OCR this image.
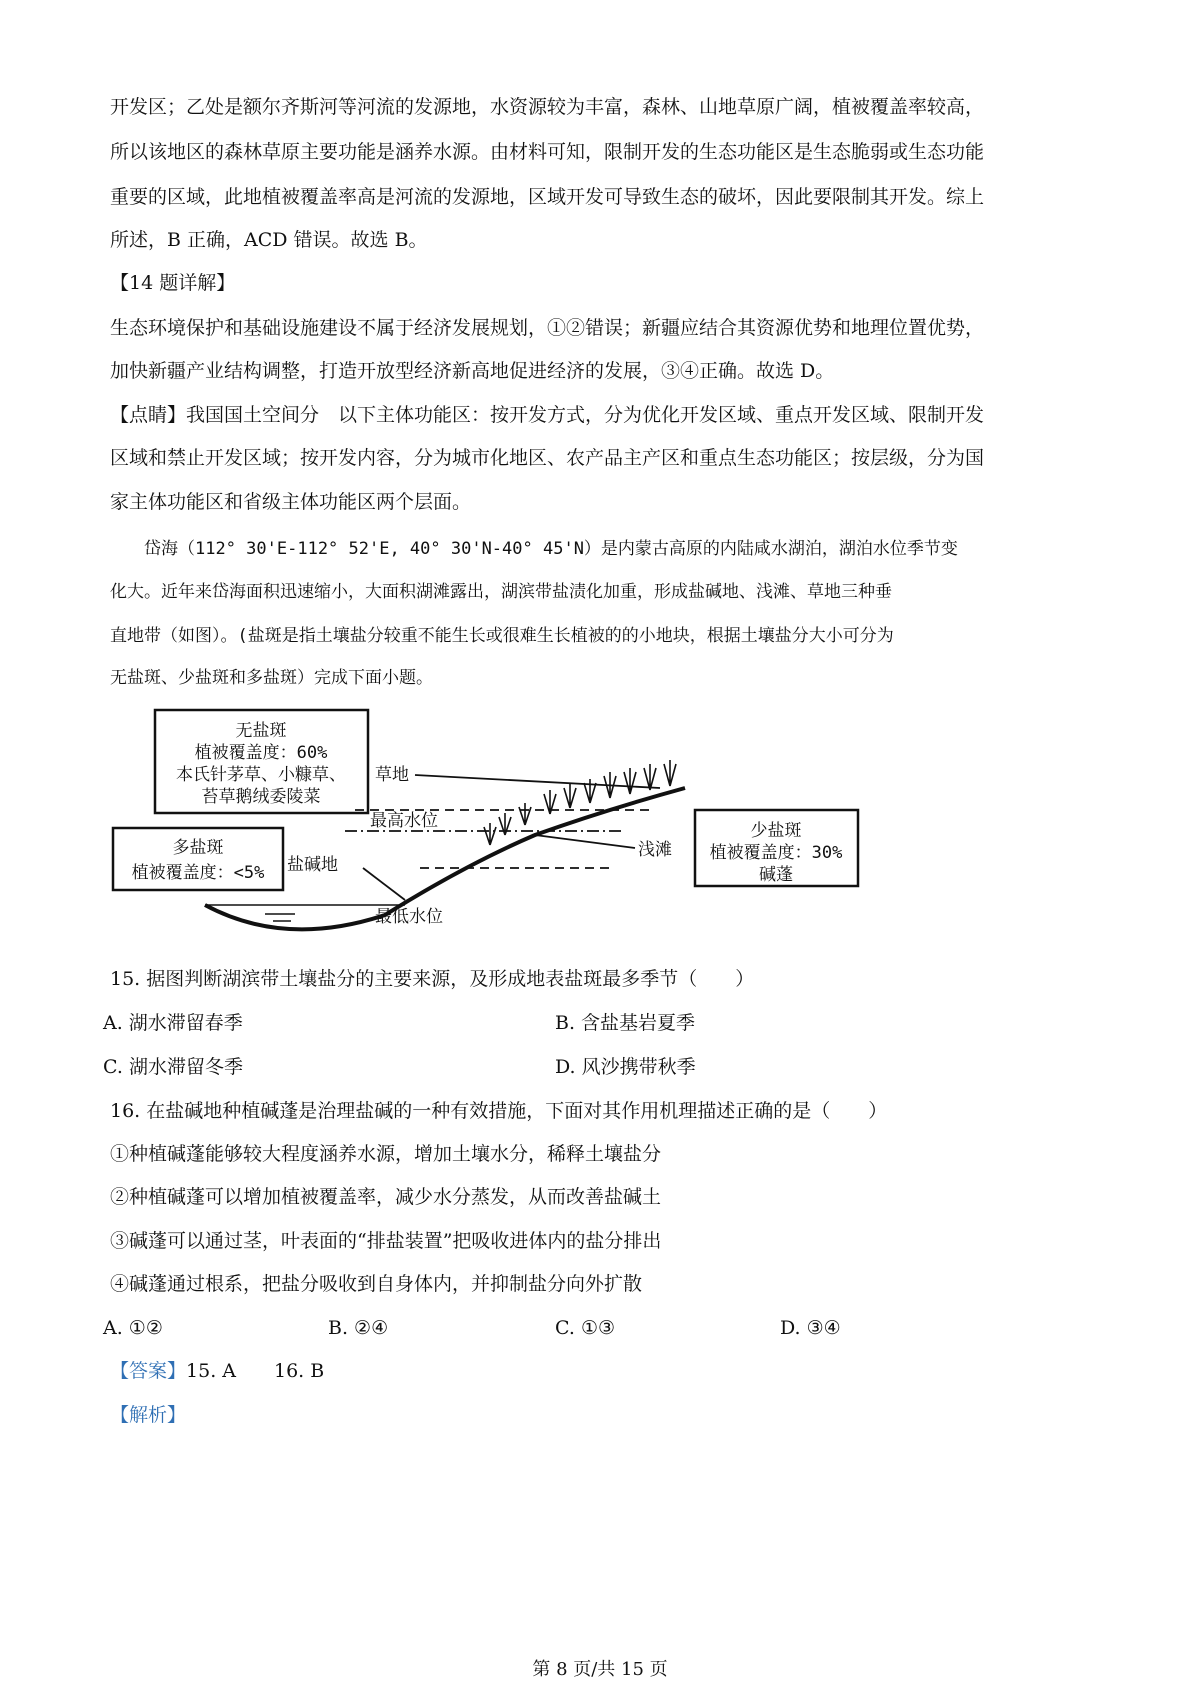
开发区；乙处是额尔齐斯河等河流的发源地，水资源较为丰富，森林、山地草原广阔，植被覆盖率较高，
所以该地区的森林草原主要功能是涵养水源。由材料可知，限制开发的生态功能区是生态脆弱或生态功能
重要的区域，此地植被覆盖率高是河流的发源地，区域开发可导致生态的破坏，因此要限制其开发。综上
所述，B 正确，ACD 错误。故选 B。
【14 题详解】
生态环境保护和基础设施建设不属于经济发展规划，①②错误；新疆应结合其资源优势和地理位置优势，
加快新疆产业结构调整，打造开放型经济新高地促进经济的发展，③④正确。故选 D。
【点睛】我国国土空间分　以下主体功能区：按开发方式，分为优化开发区域、重点开发区域、限制开发
区域和禁止开发区域；按开发内容，分为城市化地区、农产品主产区和重点生态功能区；按层级，分为国
家主体功能区和省级主体功能区两个层面。
　　岱海（112° 30'E-112° 52'E, 40° 30'N-40° 45'N）是内蒙古高原的内陆咸水湖泊，湖泊水位季节变
化大。近年来岱海面积迅速缩小，大面积湖滩露出，湖滨带盐渍化加重，形成盐碱地、浅滩、草地三种垂
直地带（如图）。(盐斑是指土壤盐分较重不能生长或很难生长植被的的小地块，根据土壤盐分大小可分为
无盐斑、少盐斑和多盐斑）完成下面小题。
无盐斑
植被覆盖度：60%
本氏针茅草、小糠草、
苔草鹅绒委陵菜
多盐斑
植被覆盖度：<5%
少盐斑
植被覆盖度：30%
碱蓬
草地
最高水位
盐碱地
最低水位
浅滩
15. 据图判断湖滨带土壤盐分的主要来源，及形成地表盐斑最多季节（　　）
A. 湖水滞留春季	B. 含盐基岩夏季
C. 湖水滞留冬季	D. 风沙携带秋季
16. 在盐碱地种植碱蓬是治理盐碱的一种有效措施，下面对其作用机理描述正确的是（　　）
①种植碱蓬能够较大程度涵养水源，增加土壤水分，稀释土壤盐分
②种植碱蓬可以增加植被覆盖率，减少水分蒸发，从而改善盐碱土
③碱蓬可以通过茎，叶表面的“排盐装置”把吸收进体内的盐分排出
④碱蓬通过根系，把盐分吸收到自身体内，并抑制盐分向外扩散
A. ①②	B. ②④	C. ①③	D. ③④
【答案】15. A　　16. B
【解析】
第 8 页/共 15 页
